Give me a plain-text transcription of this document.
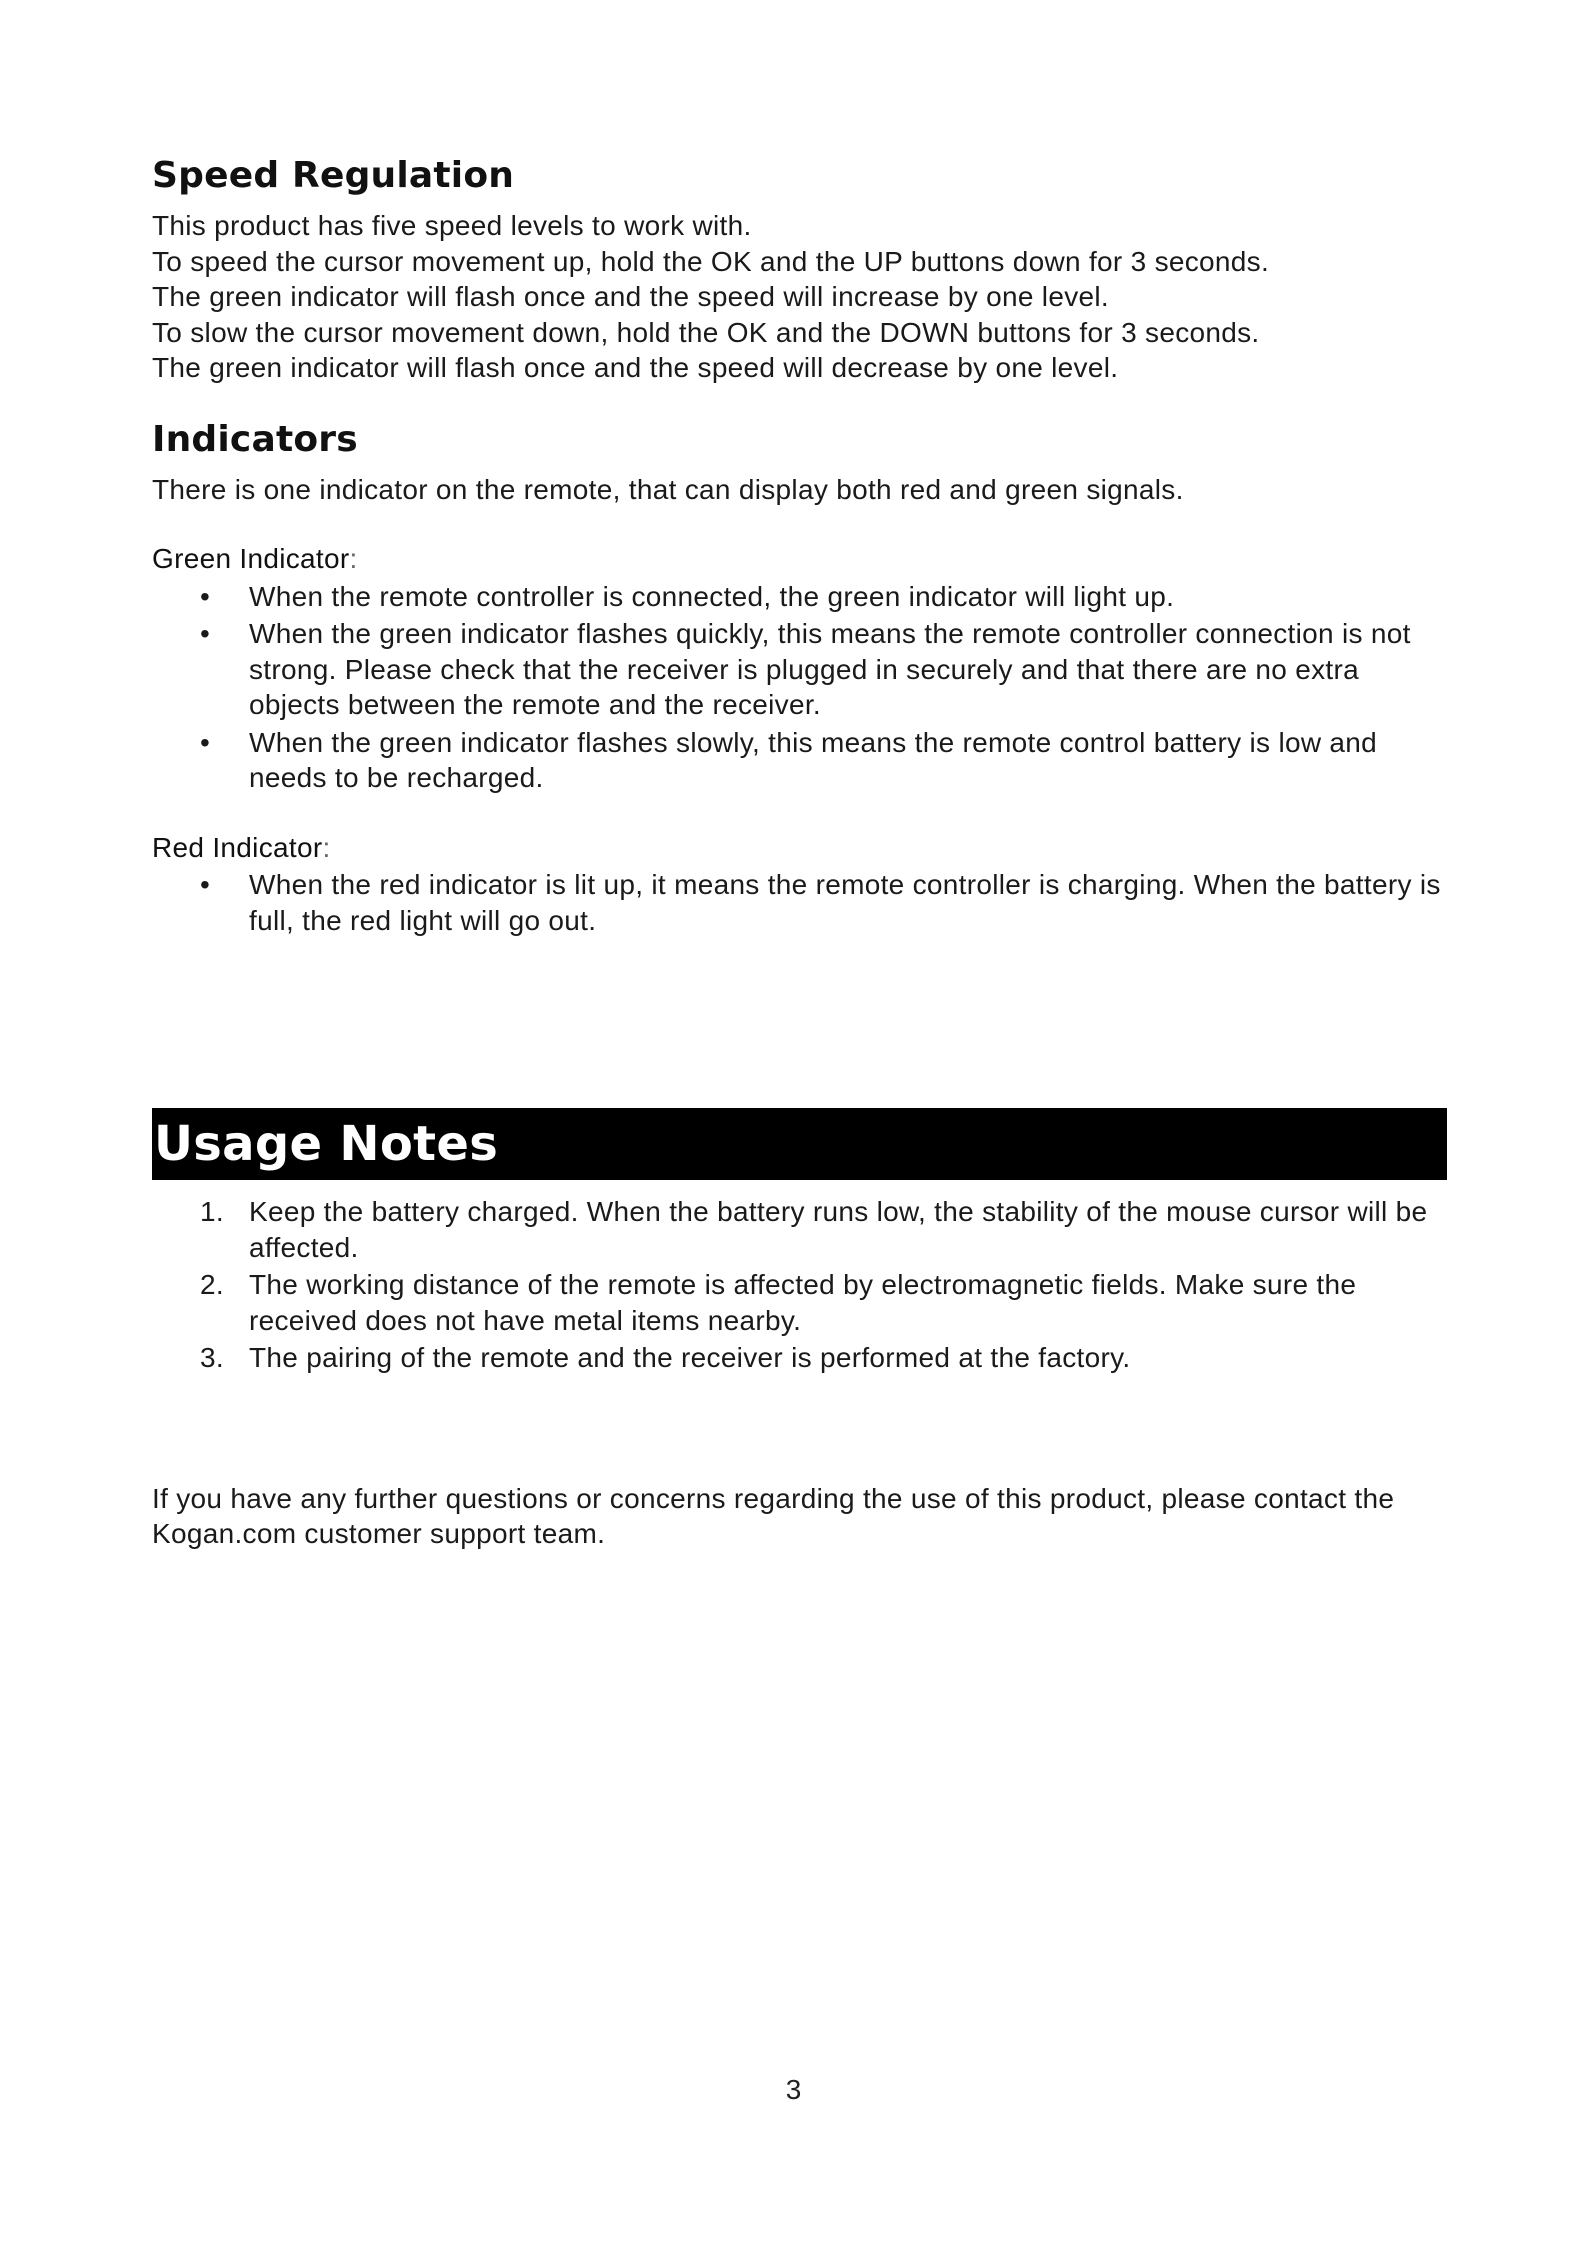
Speed Regulation

This product has five speed levels to work with.

To speed the cursor movement up, hold the OK and the UP buttons down for 3 seconds.

The green indicator will flash once and the speed will increase by one level.

To slow the cursor movement down, hold the OK and the DOWN buttons for 3 seconds.

The green indicator will flash once and the speed will decrease by one level.

Indicators

There is one indicator on the remote, that can display both red and green signals.

Green Indicator:

• When the remote controller is connected, the green indicator will light up.
• When the green indicator flashes quickly, this means the remote controller connection is not strong. Please check that the receiver is plugged in securely and that there are no extra objects between the remote and the receiver.
• When the green indicator flashes slowly, this means the remote control battery is low and needs to be recharged.

Red Indicator:

• When the red indicator is lit up, it means the remote controller is charging. When the battery is full, the red light will go out.
Usage Notes
1. Keep the battery charged. When the battery runs low, the stability of the mouse cursor will be affected.
2. The working distance of the remote is affected by electromagnetic fields. Make sure the received does not have metal items nearby.
3. The pairing of the remote and the receiver is performed at the factory.

If you have any further questions or concerns regarding the use of this product, please contact the Kogan.com customer support team.

3
